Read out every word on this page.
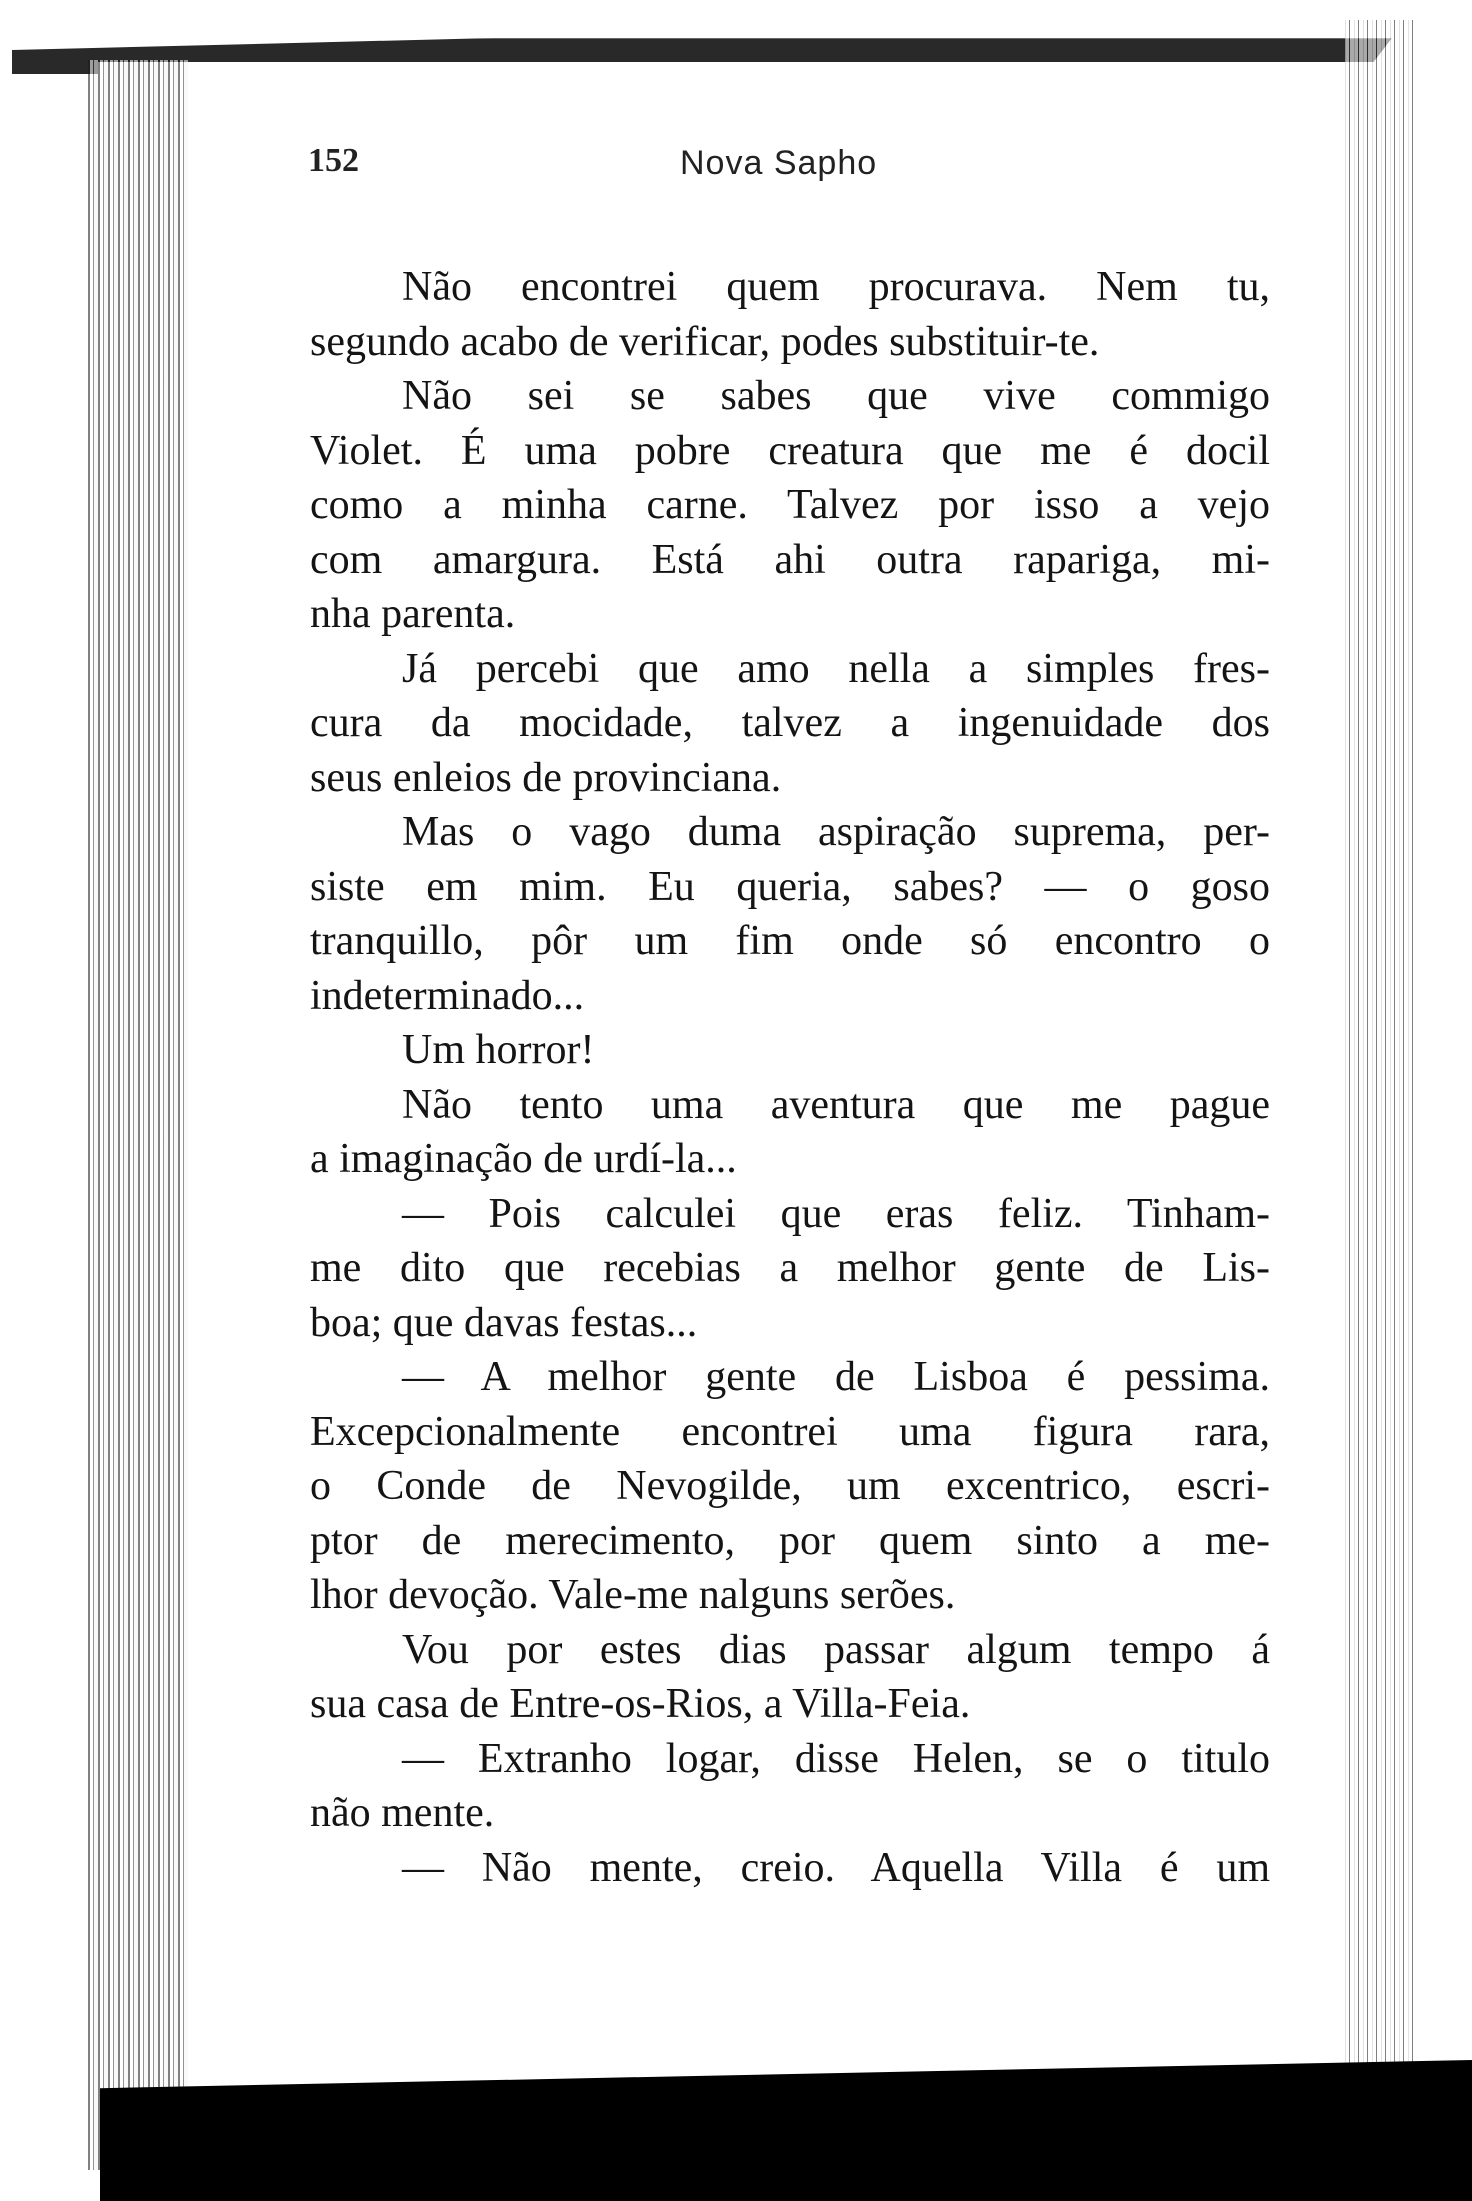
152	Nova Sapho
Não encontrei quem procurava. Nem tu,
segundo acabo de verificar, podes substituir-te.
Não sei se sabes que vive commigo
Violet. É uma pobre creatura que me é docil
como a minha carne. Talvez por isso a vejo
com amargura. Está ahi outra rapariga, mi-
nha parenta.
Já percebi que amo nella a simples fres-
cura da mocidade, talvez a ingenuidade dos
seus enleios de provinciana.
Mas o vago duma aspiração suprema, per-
siste em mim. Eu queria, sabes? — o goso
tranquillo, pôr um fim onde só encontro o
indeterminado...
Um horror!
Não tento uma aventura que me pague
a imaginação de urdí-la...
— Pois calculei que eras feliz. Tinham-
me dito que recebias a melhor gente de Lis-
boa; que davas festas...
— A melhor gente de Lisboa é pessima.
Excepcionalmente encontrei uma figura rara,
o Conde de Nevogilde, um excentrico, escri-
ptor de merecimento, por quem sinto a me-
lhor devoção. Vale-me nalguns serões.
Vou por estes dias passar algum tempo á
sua casa de Entre-os-Rios, a Villa-Feia.
— Extranho logar, disse Helen, se o titulo
não mente.
— Não mente, creio. Aquella Villa é um
